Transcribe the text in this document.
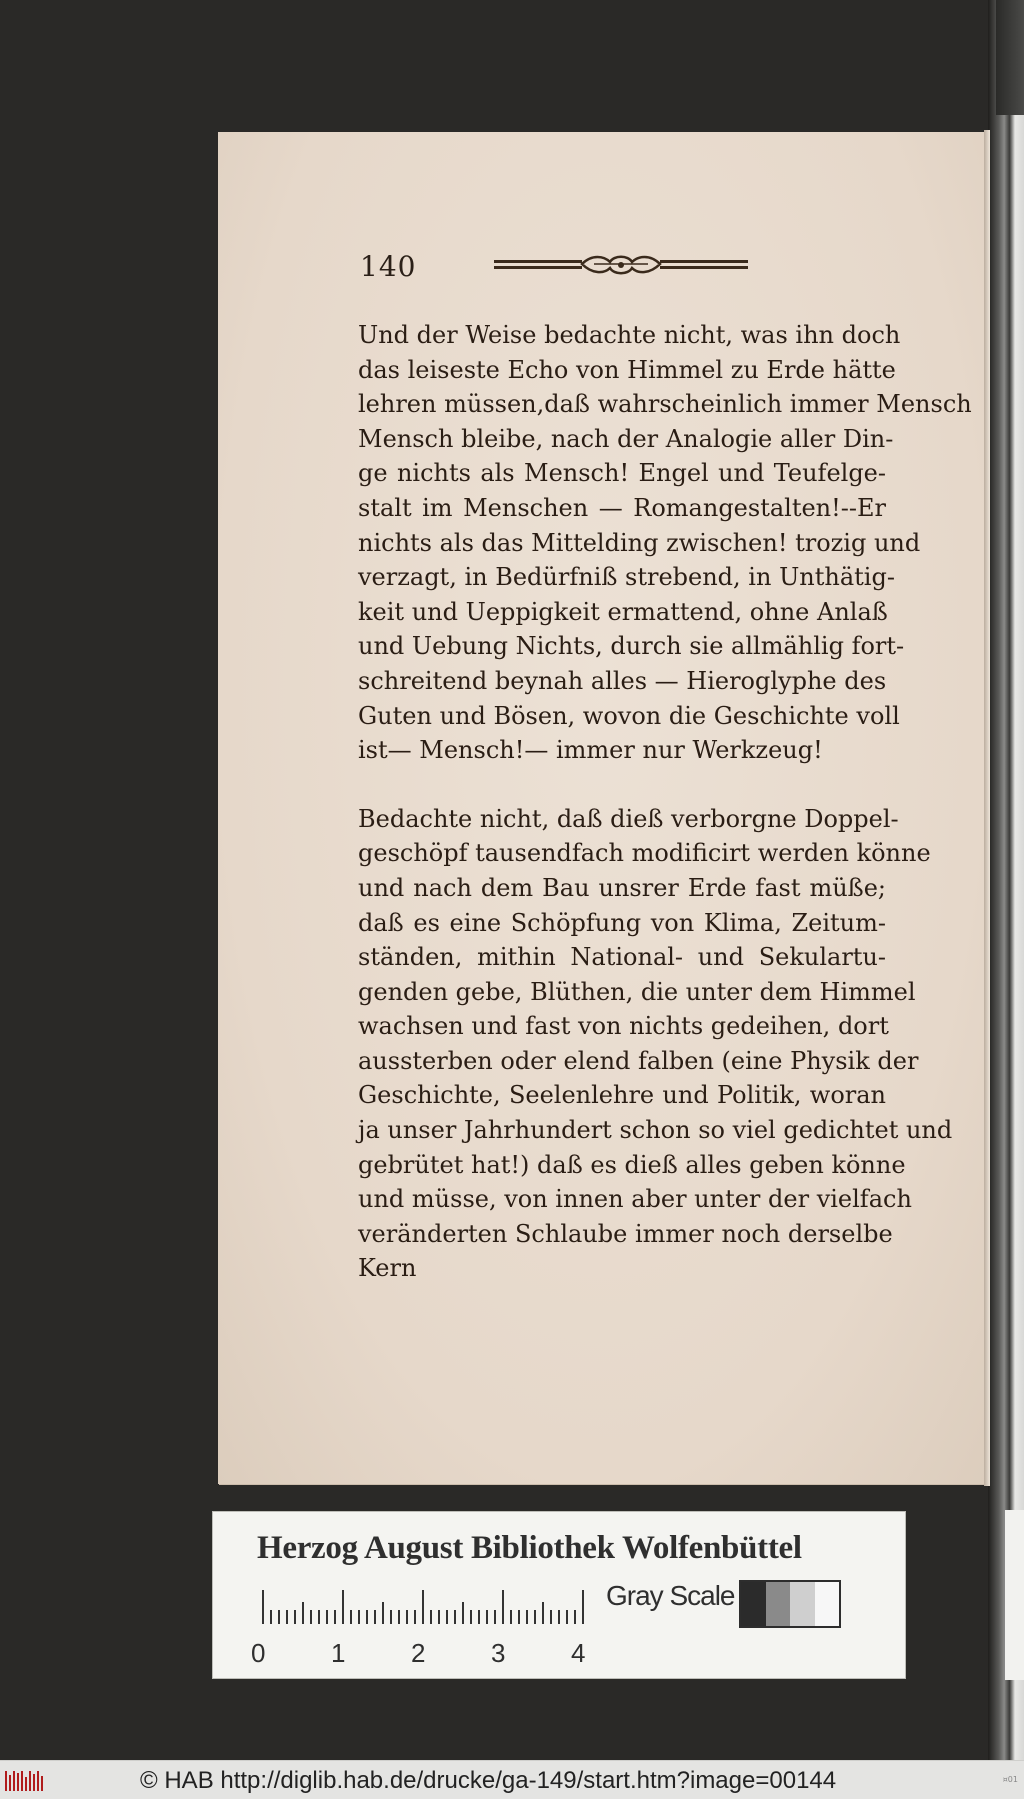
140
Und der Weise bedachte nicht, was ihn doch
das leiseste Echo von Himmel zu Erde hätte
lehren müssen,daß wahrscheinlich immer Mensch
Mensch bleibe, nach der Analogie aller Din-
ge nichts als Mensch! Engel und Teufelge-
stalt im Menschen — Romangestalten!--Er
nichts als das Mittelding zwischen! trozig und
verzagt, in Bedürfniß strebend, in Unthätig-
keit und Ueppigkeit ermattend, ohne Anlaß
und Uebung Nichts, durch sie allmählig fort-
schreitend beynah alles — Hieroglyphe des
Guten und Bösen, wovon die Geschichte voll
ist— Mensch!— immer nur Werkzeug!
Bedachte nicht, daß dieß verborgne Doppel-
geschöpf tausendfach modificirt werden könne
und nach dem Bau unsrer Erde fast müße;
daß es eine Schöpfung von Klima, Zeitum-
ständen, mithin National- und Sekulartu-
genden gebe, Blüthen, die unter dem Himmel
wachsen und fast von nichts gedeihen, dort
aussterben oder elend falben (eine Physik der
Geschichte, Seelenlehre und Politik, woran
ja unser Jahrhundert schon so viel gedichtet und
gebrütet hat!) daß es dieß alles geben könne
und müsse, von innen aber unter der vielfach
veränderten Schlaube immer noch derselbe
Kern
Herzog August Bibliothek Wolfenbüttel
0	1	2	3	4
Gray Scale
© HAB http://diglib.hab.de/drucke/ga-149/start.htm?image=00144	¤01
